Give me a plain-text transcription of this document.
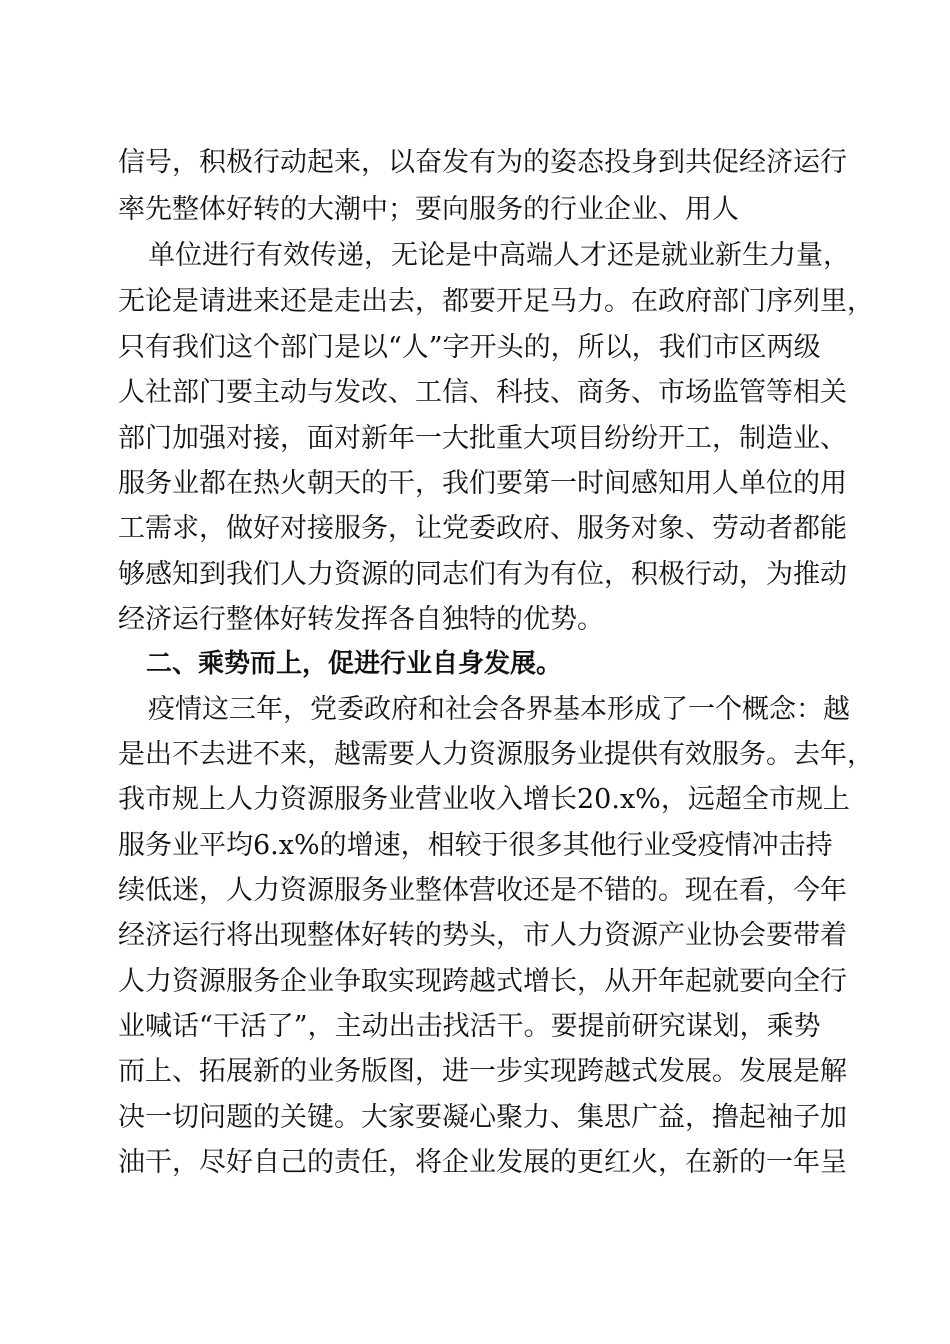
信号，积极行动起来，以奋发有为的姿态投身到共促经济运行
率先整体好转的大潮中；要向服务的行业企业、用人
单位进行有效传递，无论是中高端人才还是就业新生力量，
无论是请进来还是走出去，都要开足马力。在政府部门序列里，
只有我们这个部门是以“人”字开头的，所以，我们市区两级
人社部门要主动与发改、工信、科技、商务、市场监管等相关
部门加强对接，面对新年一大批重大项目纷纷开工，制造业、
服务业都在热火朝天的干，我们要第一时间感知用人单位的用
工需求，做好对接服务，让党委政府、服务对象、劳动者都能
够感知到我们人力资源的同志们有为有位，积极行动，为推动
经济运行整体好转发挥各自独特的优势。
二、乘势而上，促进行业自身发展。
疫情这三年，党委政府和社会各界基本形成了一个概念：越
是出不去进不来，越需要人力资源服务业提供有效服务。去年，
我市规上人力资源服务业营业收入增长20.x%，远超全市规上
服务业平均6.x%的增速，相较于很多其他行业受疫情冲击持
续低迷，人力资源服务业整体营收还是不错的。现在看，今年
经济运行将出现整体好转的势头，市人力资源产业协会要带着
人力资源服务企业争取实现跨越式增长，从开年起就要向全行
业喊话“干活了”，主动出击找活干。要提前研究谋划，乘势
而上、拓展新的业务版图，进一步实现跨越式发展。发展是解
决一切问题的关键。大家要凝心聚力、集思广益，撸起袖子加
油干，尽好自己的责任，将企业发展的更红火，在新的一年呈
